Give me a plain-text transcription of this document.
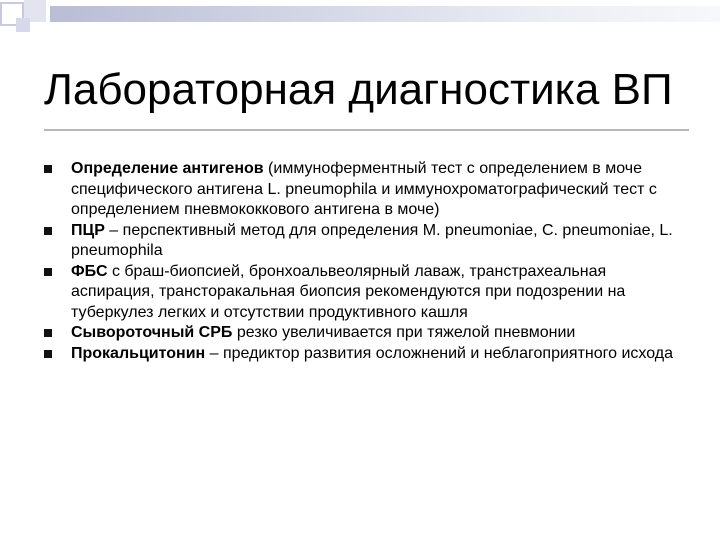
Лабораторная диагностика ВП
Определение антигенов (иммуноферментный тест с определением в моче специфического антигена L. pneumophila и иммунохроматографический тест с определением пневмококкового антигена в моче)
ПЦР – перспективный метод для определения M. pneumoniae, C. pneumoniae, L. pneumophila
ФБС с браш-биопсией, бронхоальвеолярный лаваж, транстрахеальная аспирация, трансторакальная биопсия рекомендуются при подозрении на туберкулез легких и отсутствии продуктивного кашля
Сывороточный СРБ резко увеличивается при тяжелой пневмонии
Прокальцитонин – предиктор развития осложнений и неблагоприятного исхода
